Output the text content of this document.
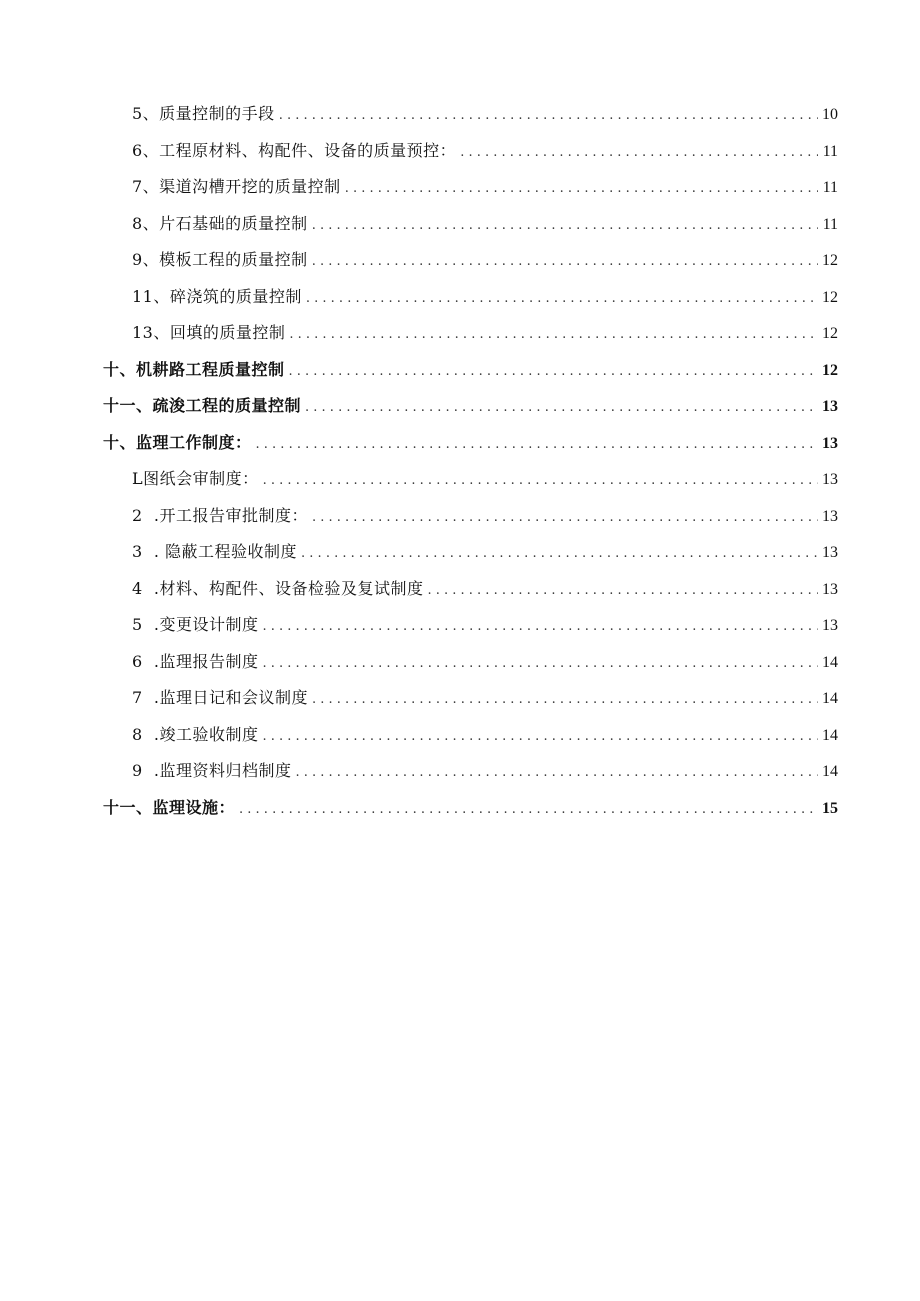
5、质量控制的手段 . . .	10
6、工程原材料、构配件、设备的质量预控： . . .	11
7、渠道沟槽开挖的质量控制 . . .	11
8、片石基础的质量控制 . . .	11
9、模板工程的质量控制 . . .	12
11、碎浇筑的质量控制 . . .	12
13、回填的质量控制 . . .	12
十、机耕路工程质量控制 . . .	12
十一、疏浚工程的质量控制 . . .	13
十、监理工作制度： . . .	13
L图纸会审制度： . . .	13
2  .开工报告审批制度： . . .	13
3  . 隐蔽工程验收制度 . . .	13
4  .材料、构配件、设备检验及复试制度 . . .	13
5  .变更设计制度 . . .	13
6  .监理报告制度 . . .	14
7  .监理日记和会议制度 . . .	14
8  .竣工验收制度 . . .	14
9  .监理资料归档制度 . . .	14
十一、监理设施： . . .	15
